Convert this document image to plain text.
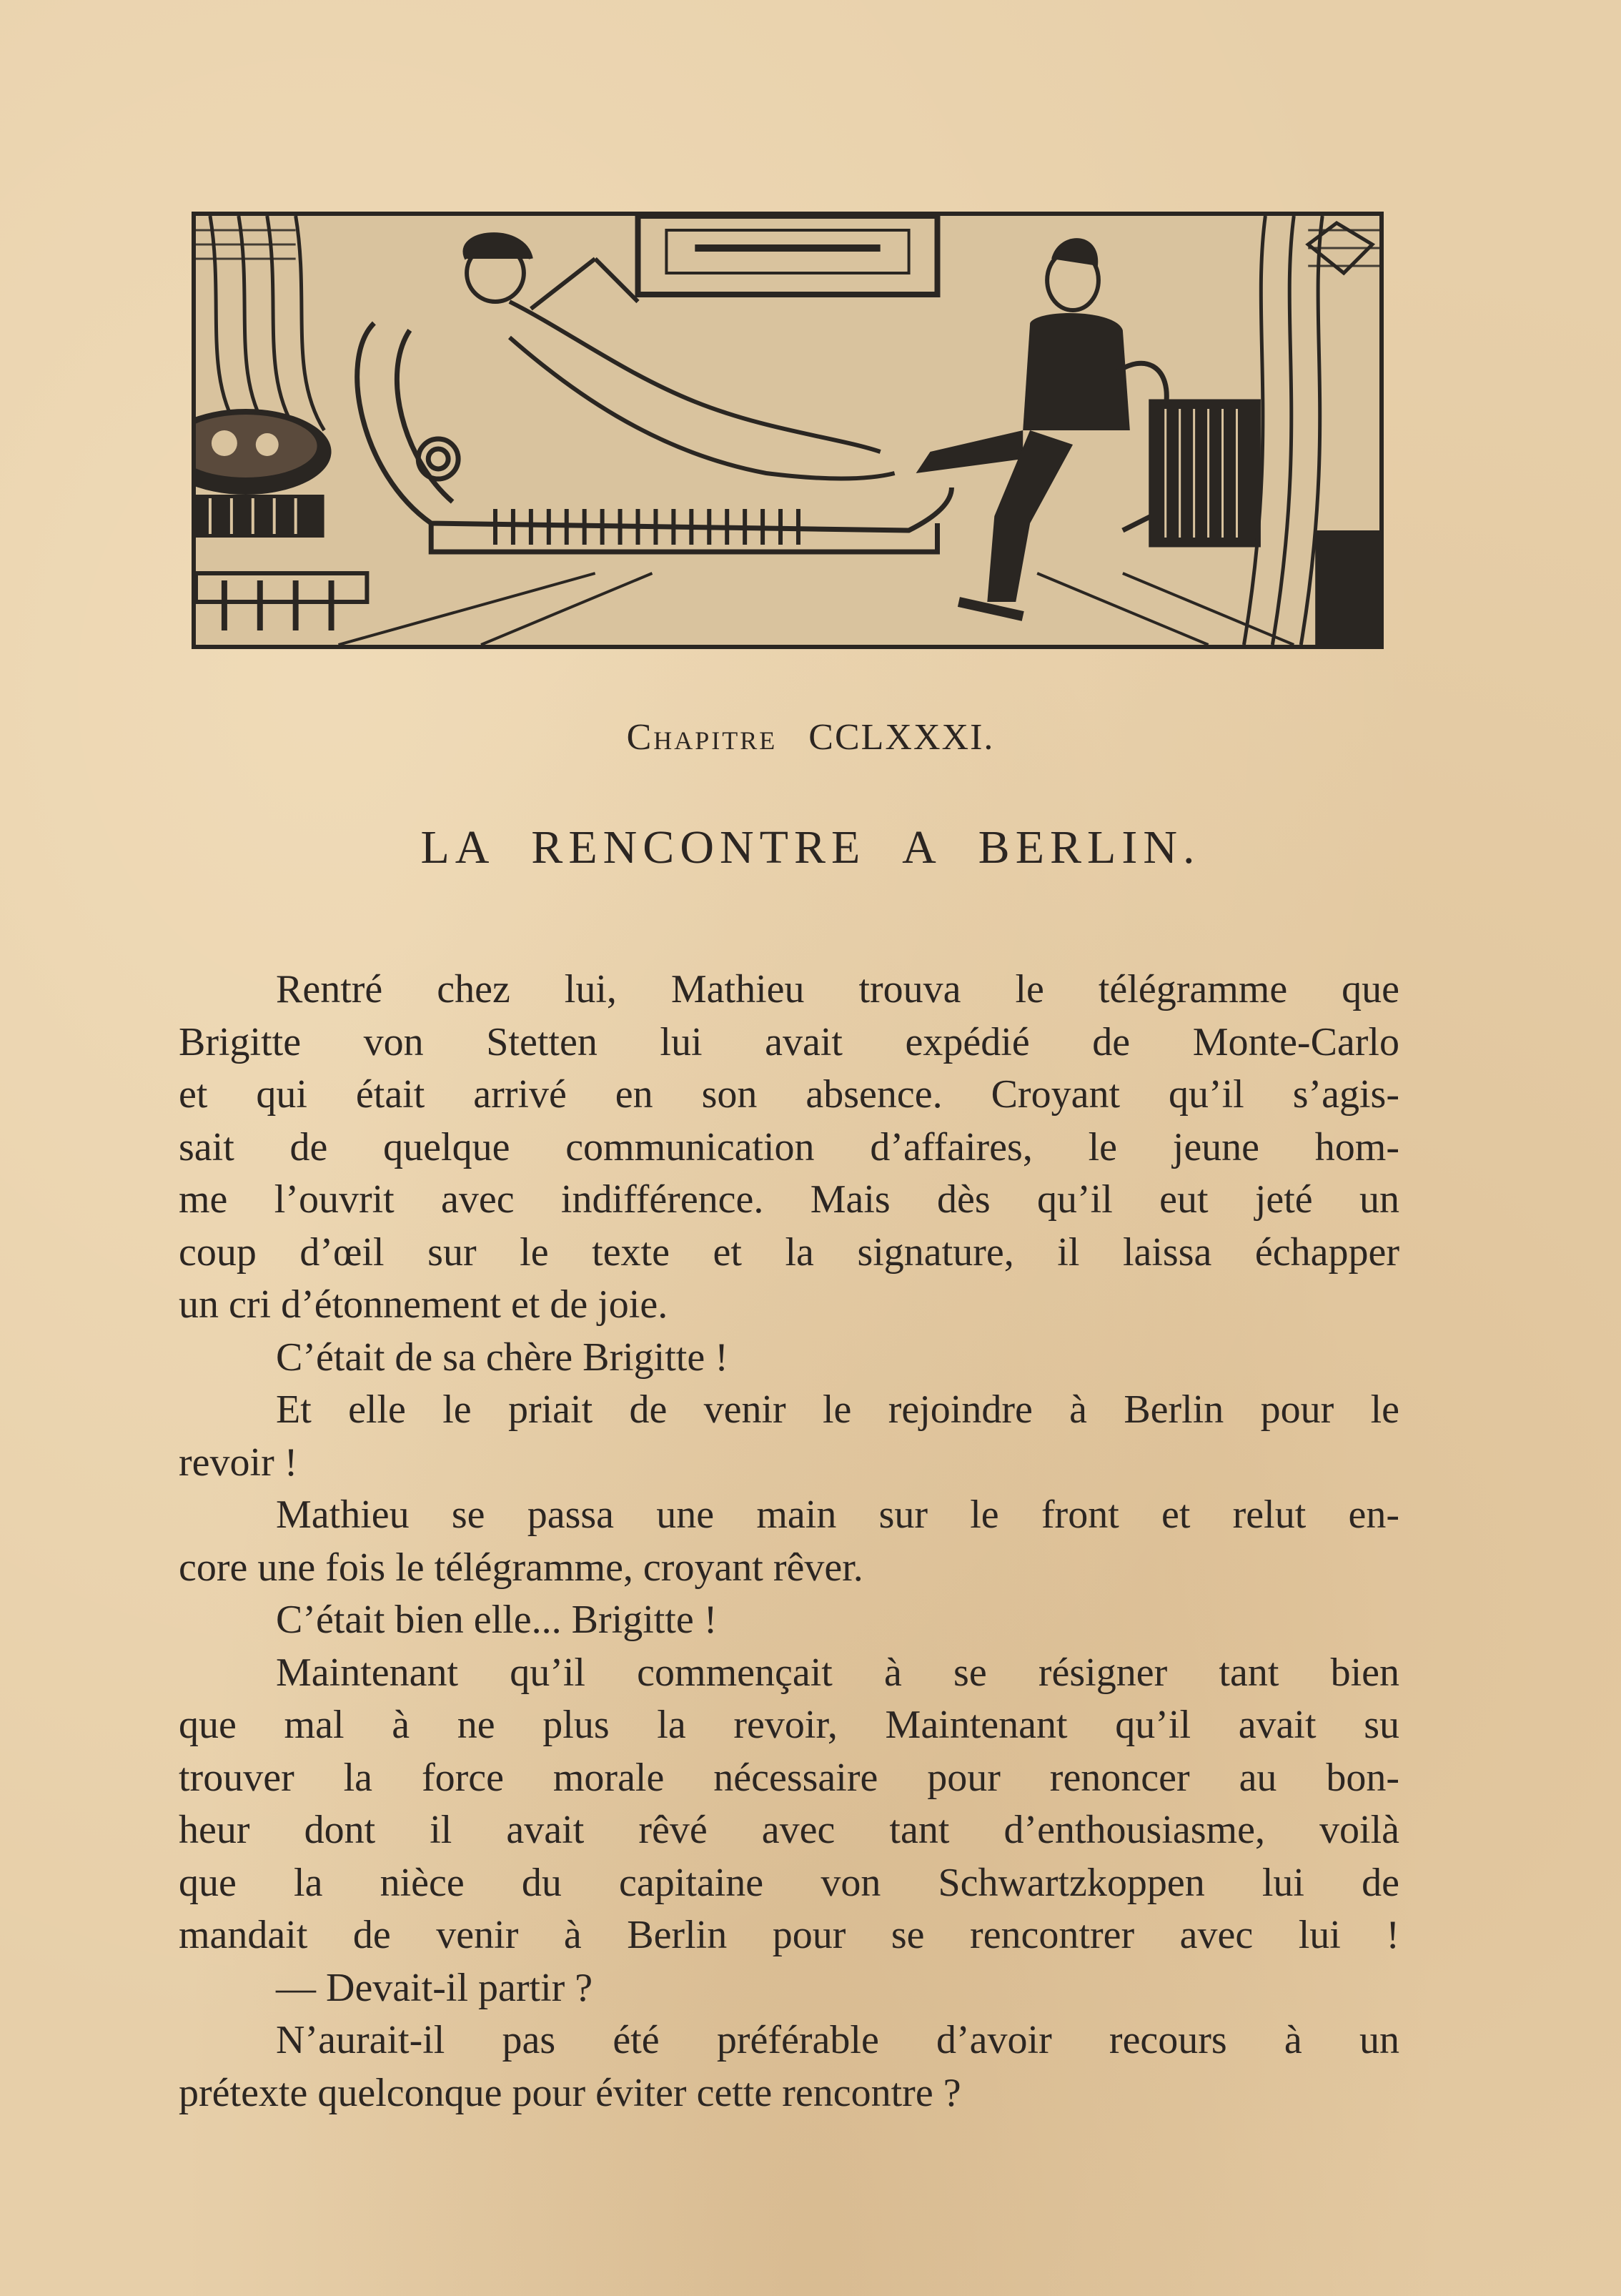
Chapitre CCLXXXI.
LA RENCONTRE A BERLIN.
Rentré chez lui, Mathieu trouva le télégramme que
Brigitte von Stetten lui avait expédié de Monte-Carlo
et qui était arrivé en son absence. Croyant qu’il s’agis-
sait de quelque communication d’affaires, le jeune hom-
me l’ouvrit avec indifférence. Mais dès qu’il eut jeté un
coup d’œil sur le texte et la signature, il laissa échapper
un cri d’étonnement et de joie.
C’était de sa chère Brigitte !
Et elle le priait de venir le rejoindre à Berlin pour le
revoir !
Mathieu se passa une main sur le front et relut en-
core une fois le télégramme, croyant rêver.
C’était bien elle... Brigitte !
Maintenant qu’il commençait à se résigner tant bien
que mal à ne plus la revoir, Maintenant qu’il avait su
trouver la force morale nécessaire pour renoncer au bon-
heur dont il avait rêvé avec tant d’enthousiasme, voilà
que la nièce du capitaine von Schwartzkoppen lui de
mandait de venir à Berlin pour se rencontrer avec lui !
— Devait-il partir ?
N’aurait-il pas été préférable d’avoir recours à un
prétexte quelconque pour éviter cette rencontre ?
